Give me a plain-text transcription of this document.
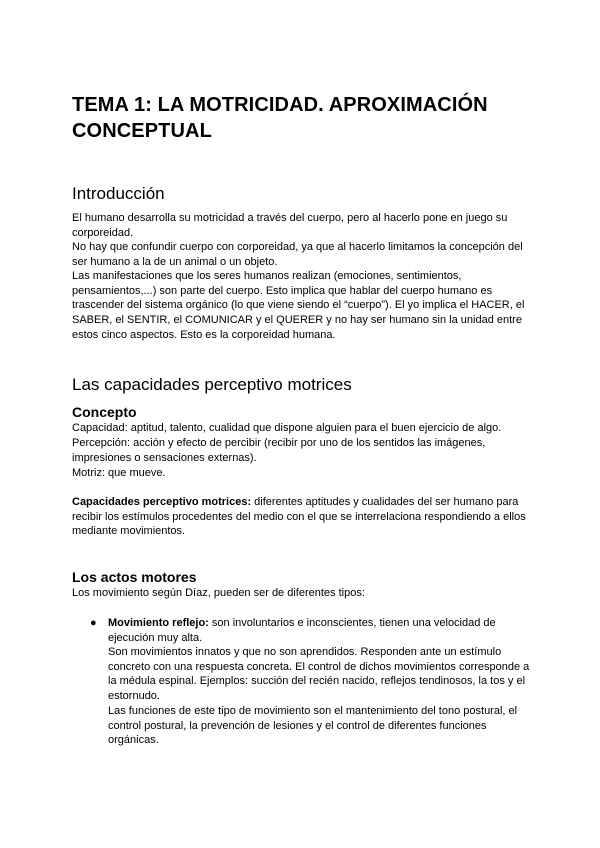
TEMA 1: LA MOTRICIDAD. APROXIMACIÓN CONCEPTUAL
Introducción

El humano desarrolla su motricidad a través del cuerpo, pero al hacerlo pone en juego su corporeidad.

No hay que confundir cuerpo con corporeidad, ya que al hacerlo limitamos la concepción del ser humano a la de un animal o un objeto.

Las manifestaciones que los seres humanos realizan (emociones, sentimientos, pensamientos,...) son parte del cuerpo. Esto implica que hablar del cuerpo humano es trascender del sistema orgánico (lo que viene siendo el “cuerpo”). El yo implica el HACER, el SABER, el SENTIR, el COMUNICAR y el QUERER y no hay ser humano sin la unidad entre estos cinco aspectos. Esto es la corporeidad humana.

Las capacidades perceptivo motrices
Concepto

Capacidad: aptitud, talento, cualidad que dispone alguien para el buen ejercicio de algo.

Percepción: acción y efecto de percibir (recibir por uno de los sentidos las imágenes, impresiones o sensaciones externas).

Motriz: que mueve.

Capacidades perceptivo motrices: diferentes aptitudes y cualidades del ser humano para recibir los estímulos procedentes del medio con el que se interrelaciona respondiendo a ellos mediante movimientos.

Los actos motores

Los movimiento según Díaz, pueden ser de diferentes tipos:

● Movimiento reflejo: son involuntarios e inconscientes, tienen una velocidad de ejecución muy alta.

Son movimientos innatos y que no son aprendidos. Responden ante un estímulo concreto con una respuesta concreta. El control de dichos movimientos corresponde a la médula espinal. Ejemplos: succión del recién nacido, reflejos tendinosos, la tos y el estornudo.

Las funciones de este tipo de movimiento son el mantenimiento del tono postural, el control postural, la prevención de lesiones y el control de diferentes funciones orgánicas.
